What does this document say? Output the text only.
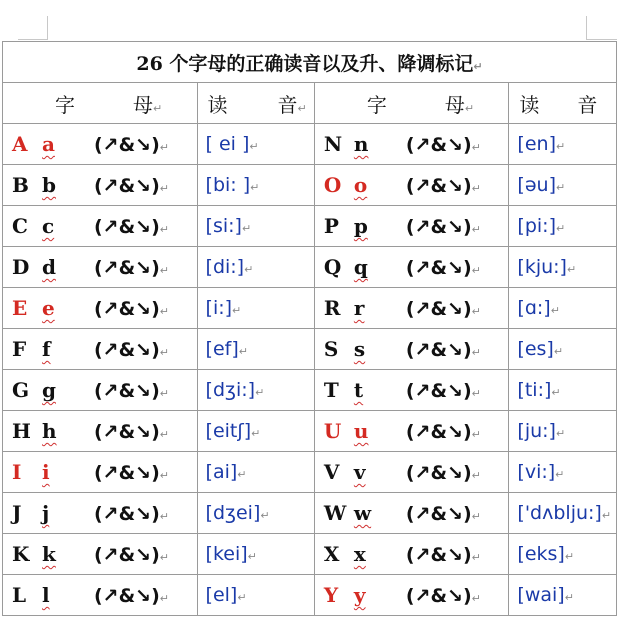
26 个字母的正确读音以及升、降调标记↵			
字 母↵	读 音↵	字 母↵	读 音
A a (↗&↘)↵	[ ei ]↵	N n (↗&↘)↵	[en]↵
B b (↗&↘)↵	[bi: ]↵	O o (↗&↘)↵	[əu]↵
C c (↗&↘)↵	[si:]↵	P p (↗&↘)↵	[pi:]↵
D d (↗&↘)↵	[di:]↵	Q q (↗&↘)↵	[kju:]↵
E e (↗&↘)↵	[i:]↵	R r (↗&↘)↵	[ɑ:]↵
F f (↗&↘)↵	[ef]↵	S s (↗&↘)↵	[es]↵
G g (↗&↘)↵	[dʒi:]↵	T t (↗&↘)↵	[ti:]↵
H h (↗&↘)↵	[eitʃ]↵	U u (↗&↘)↵	[ju:]↵
I i (↗&↘)↵	[ai]↵	V v (↗&↘)↵	[vi:]↵
J j (↗&↘)↵	[dʒei]↵	W w (↗&↘)↵	['dʌblju:]↵
K k (↗&↘)↵	[kei]↵	X x (↗&↘)↵	[eks]↵
L l (↗&↘)↵	[el]↵	Y y (↗&↘)↵	[wai]↵
